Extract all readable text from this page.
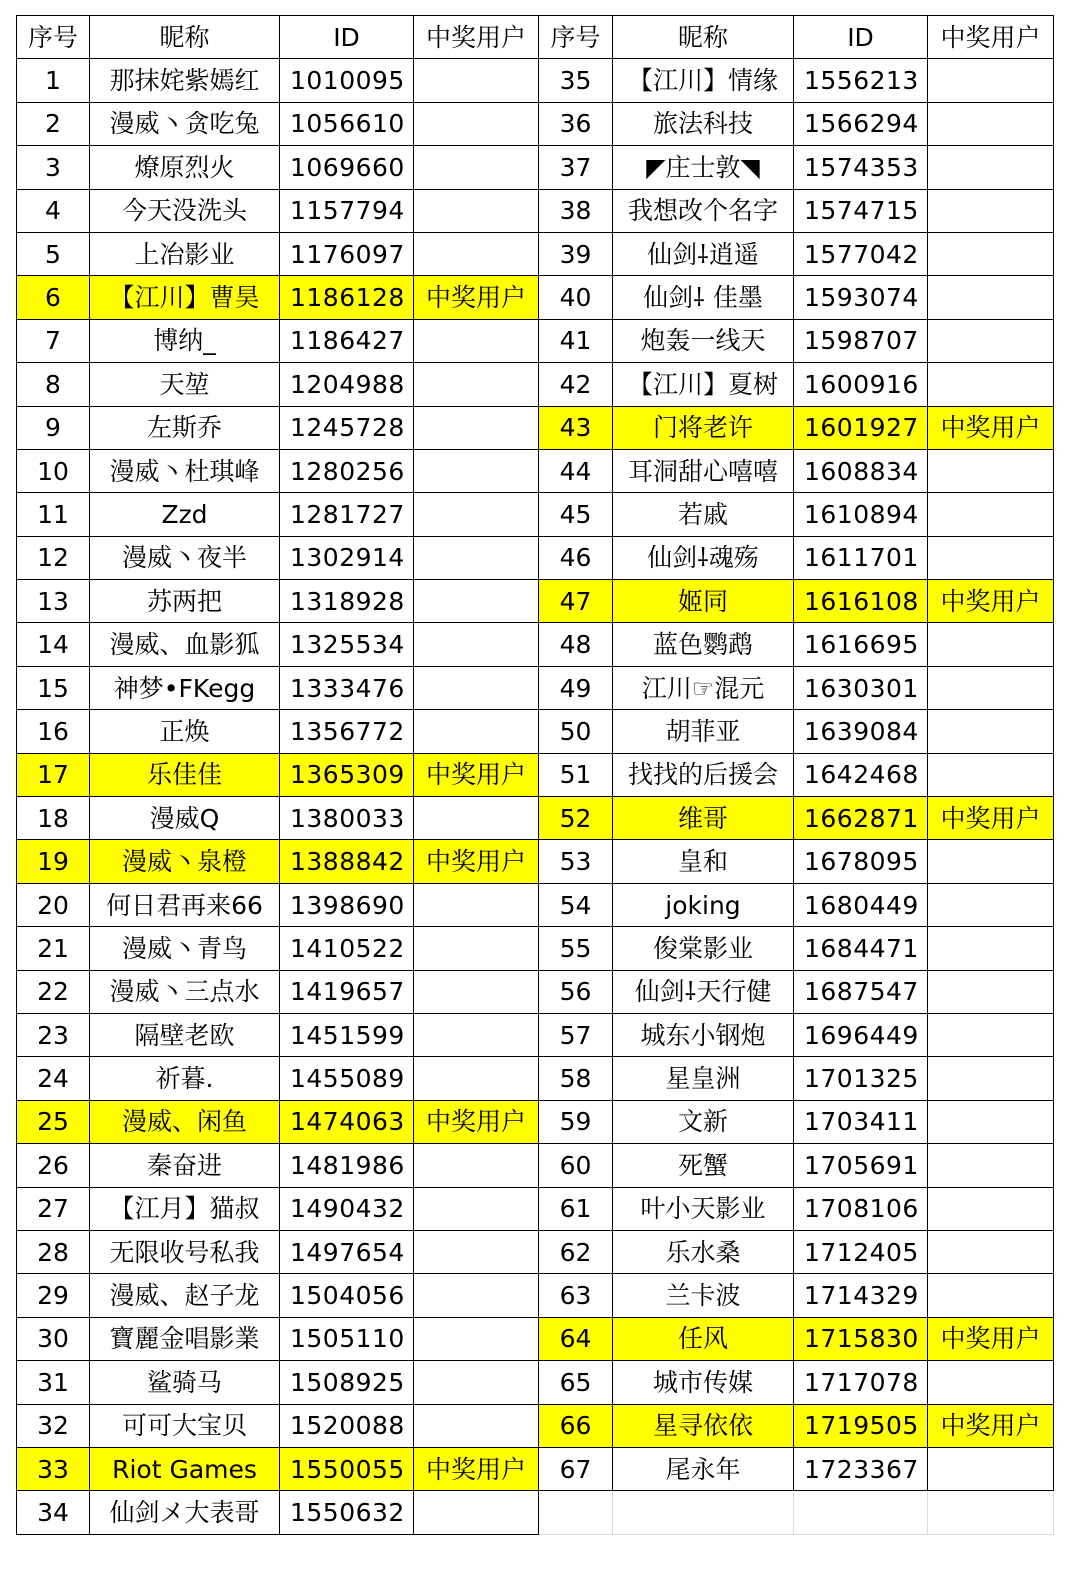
序号	昵称	ID	中奖用户	序号	昵称	ID	中奖用户
1	那抹姹紫嫣红	1010095		35	【江川】情缘	1556213	
2	漫威丶贪吃兔	1056610		36	旅法科技	1566294	
3	燎原烈火	1069660		37	◤庄士敦◥	1574353	
4	今天没洗头	1157794		38	我想改个名字	1574715	
5	上冶影业	1176097		39	仙剑⸸逍遥	1577042	
6	【江川】曹昊	1186128	中奖用户	40	仙剑⸸ 佳墨	1593074	
7	博纳_	1186427		41	炮轰一线天	1598707	
8	天堃	1204988		42	【江川】夏树	1600916	
9	左斯乔	1245728		43	门将老许	1601927	中奖用户
10	漫威丶杜琪峰	1280256		44	耳洞甜心嘻嘻	1608834	
11	Zzd	1281727		45	若戚	1610894	
12	漫威丶夜半	1302914		46	仙剑⸸魂殇	1611701	
13	苏两把	1318928		47	姬同	1616108	中奖用户
14	漫威、血影狐	1325534		48	蓝色鹦鹉	1616695	
15	神梦•FKegg	1333476		49	江川☞混元	1630301	
16	正焕	1356772		50	胡菲亚	1639084	
17	乐佳佳	1365309	中奖用户	51	找找的后援会	1642468	
18	漫威Q	1380033		52	维哥	1662871	中奖用户
19	漫威丶泉橙	1388842	中奖用户	53	皇和	1678095	
20	何日君再来66	1398690		54	joking	1680449	
21	漫威丶青鸟	1410522		55	俊棠影业	1684471	
22	漫威丶三点水	1419657		56	仙剑⸸天行健	1687547	
23	隔壁老欧	1451599		57	城东小钢炮	1696449	
24	祈暮.	1455089		58	星皇洲	1701325	
25	漫威、闲鱼	1474063	中奖用户	59	文新	1703411	
26	秦奋进	1481986		60	死蟹	1705691	
27	【江月】猫叔	1490432		61	叶小天影业	1708106	
28	无限收号私我	1497654		62	乐水桑	1712405	
29	漫威、赵子龙	1504056		63	兰卡波	1714329	
30	寶麗金唱影業	1505110		64	任风	1715830	中奖用户
31	鲨骑马	1508925		65	城市传媒	1717078	
32	可可大宝贝	1520088		66	星寻依依	1719505	中奖用户
33	Riot Games	1550055	中奖用户	67	尾永年	1723367	
34	仙剑メ大表哥	1550632					
